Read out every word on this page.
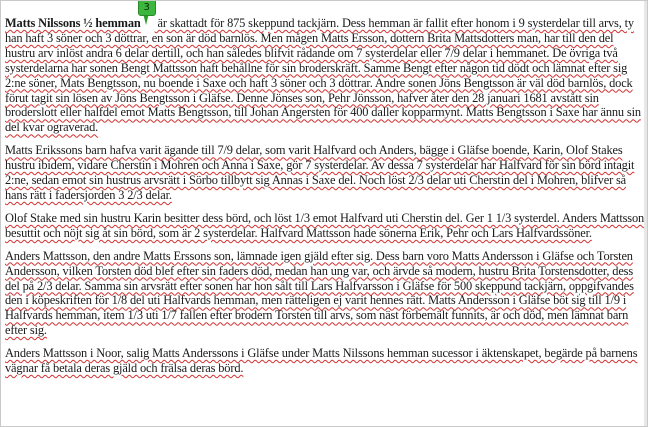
Matts Nilssons ½ hemman
3
är skattadt för 875 skeppund tackjärn. Dess hemman är fallit efter honom i 9 systerdelar till arvs, ty han haft 3 söner och 3 döttrar, en son är död barnlös. Men mågen Matts Ersson, dottern Brita Mattsdotters man, har till den del hustru arv inlöst andra 6 delar dertill, och han således blifvit rådande om 7 systerdelar eller 7/9 delar i hemmanet. De övriga två systerdelarna har sonen Bengt Mattsson haft behållne för sin broderskräft. Samme Bengt efter någon tid dödt och lämnat efter sig 2:ne söner, Mats Bengtsson, nu boende i Saxe och haft 3 söner och 3 döttrar. Andre sonen Jöns Bengtsson är väl död barnlös, dock förut tagit sin lösen av Jöns Bengtsson i Gläfse. Denne Jönses son, Pehr Jönsson, hafver åter den 28 januari 1681 avstått sin broderslott eller halfdel emot Matts Bengtsson, till Johan Angersten för 400 daller kopparmynt. Matts Bengtsson i Saxe har ännu sin del kvar ograverad.

Matts Erikssons barn hafva varit ägande till 7/9 delar, som varit Halfvard och Anders, bägge i Gläfse boende, Karin, Olof Stakes hustru ibidem, vidare Cherstin i Mohren och Anna i Saxe, gör 7 systerdelar. Av dessa 7 systerdelar har Halfvard för sin börd intagit 2:ne, sedan emot sin hustrus arvsrätt i Sörbo tillbytt sig Annas i Saxe del. Noch löst 2/3 delar uti Cherstin del i Mohren, blifver så hans rätt i fadersjorden 3 2/3 delar.

Olof Stake med sin hustru Karin besitter dess börd, och löst 1/3 emot Halfvard uti Cherstin del. Ger 1 1/3 systerdel. Anders Mattsson besuttit och nöjt sig åt sin börd, som är 2 systerdelar. Halfvard Mattsson hade sönerna Erik, Pehr och Lars Halfvardssöner.

Anders Mattsson, den andre Matts Erssons son, lämnade igen gjäld efter sig. Dess barn voro Matts Andersson i Gläfse och Torsten Andersson, vilken Torsten död blef efter sin faders död, medan han ung var, och ärvde så modern, hustru Brita Torstensdotter, dess del på 2/3 delar. Samma sin arvsrätt efter sonen har hon sålt till Lars Halfvarsson i Gläfse för 500 skeppund tackjärn, oppgifvandes den i köpeskriften för 1/8 del uti Halfvards hemman, men rätteligen ej varit hennes rätt. Matts Andersson i Gläfse böt sig till 1/9 i Halfvards hemman, item 1/3 uti 1/7 fallen efter brodern Torsten till arvs, som näst förbemält funnits, är och död, men lämnat barn efter sig.

Anders Mattsson i Noor, salig Matts Anderssons i Gläfse under Matts Nilssons hemman sucessor i äktenskapet, begärde på barnens vägnar få betala deras gjäld och frälsa deras börd.
